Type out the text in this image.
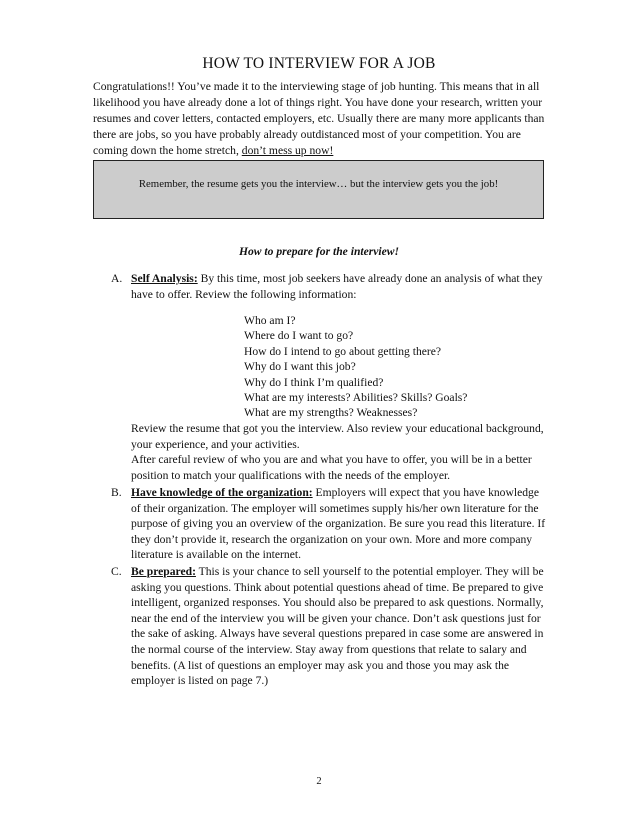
HOW TO INTERVIEW FOR A JOB
Congratulations!! You’ve made it to the interviewing stage of job hunting. This means that in all likelihood you have already done a lot of things right. You have done your research, written your resumes and cover letters, contacted employers, etc. Usually there are many more applicants than there are jobs, so you have probably already outdistanced most of your competition. You are coming down the home stretch, don’t mess up now!
Remember, the resume gets you the interview… but the interview gets you the job!
How to prepare for the interview!
A. Self Analysis: By this time, most job seekers have already done an analysis of what they have to offer. Review the following information:
Who am I?
Where do I want to go?
How do I intend to go about getting there?
Why do I want this job?
Why do I think I’m qualified?
What are my interests? Abilities? Skills? Goals?
What are my strengths? Weaknesses?
Review the resume that got you the interview. Also review your educational background, your experience, and your activities.
After careful review of who you are and what you have to offer, you will be in a better position to match your qualifications with the needs of the employer.
B. Have knowledge of the organization: Employers will expect that you have knowledge of their organization. The employer will sometimes supply his/her own literature for the purpose of giving you an overview of the organization. Be sure you read this literature. If they don’t provide it, research the organization on your own. More and more company literature is available on the internet.
C. Be prepared: This is your chance to sell yourself to the potential employer. They will be asking you questions. Think about potential questions ahead of time. Be prepared to give intelligent, organized responses. You should also be prepared to ask questions. Normally, near the end of the interview you will be given your chance. Don’t ask questions just for the sake of asking. Always have several questions prepared in case some are answered in the normal course of the interview. Stay away from questions that relate to salary and benefits. (A list of questions an employer may ask you and those you may ask the employer is listed on page 7.)
2
